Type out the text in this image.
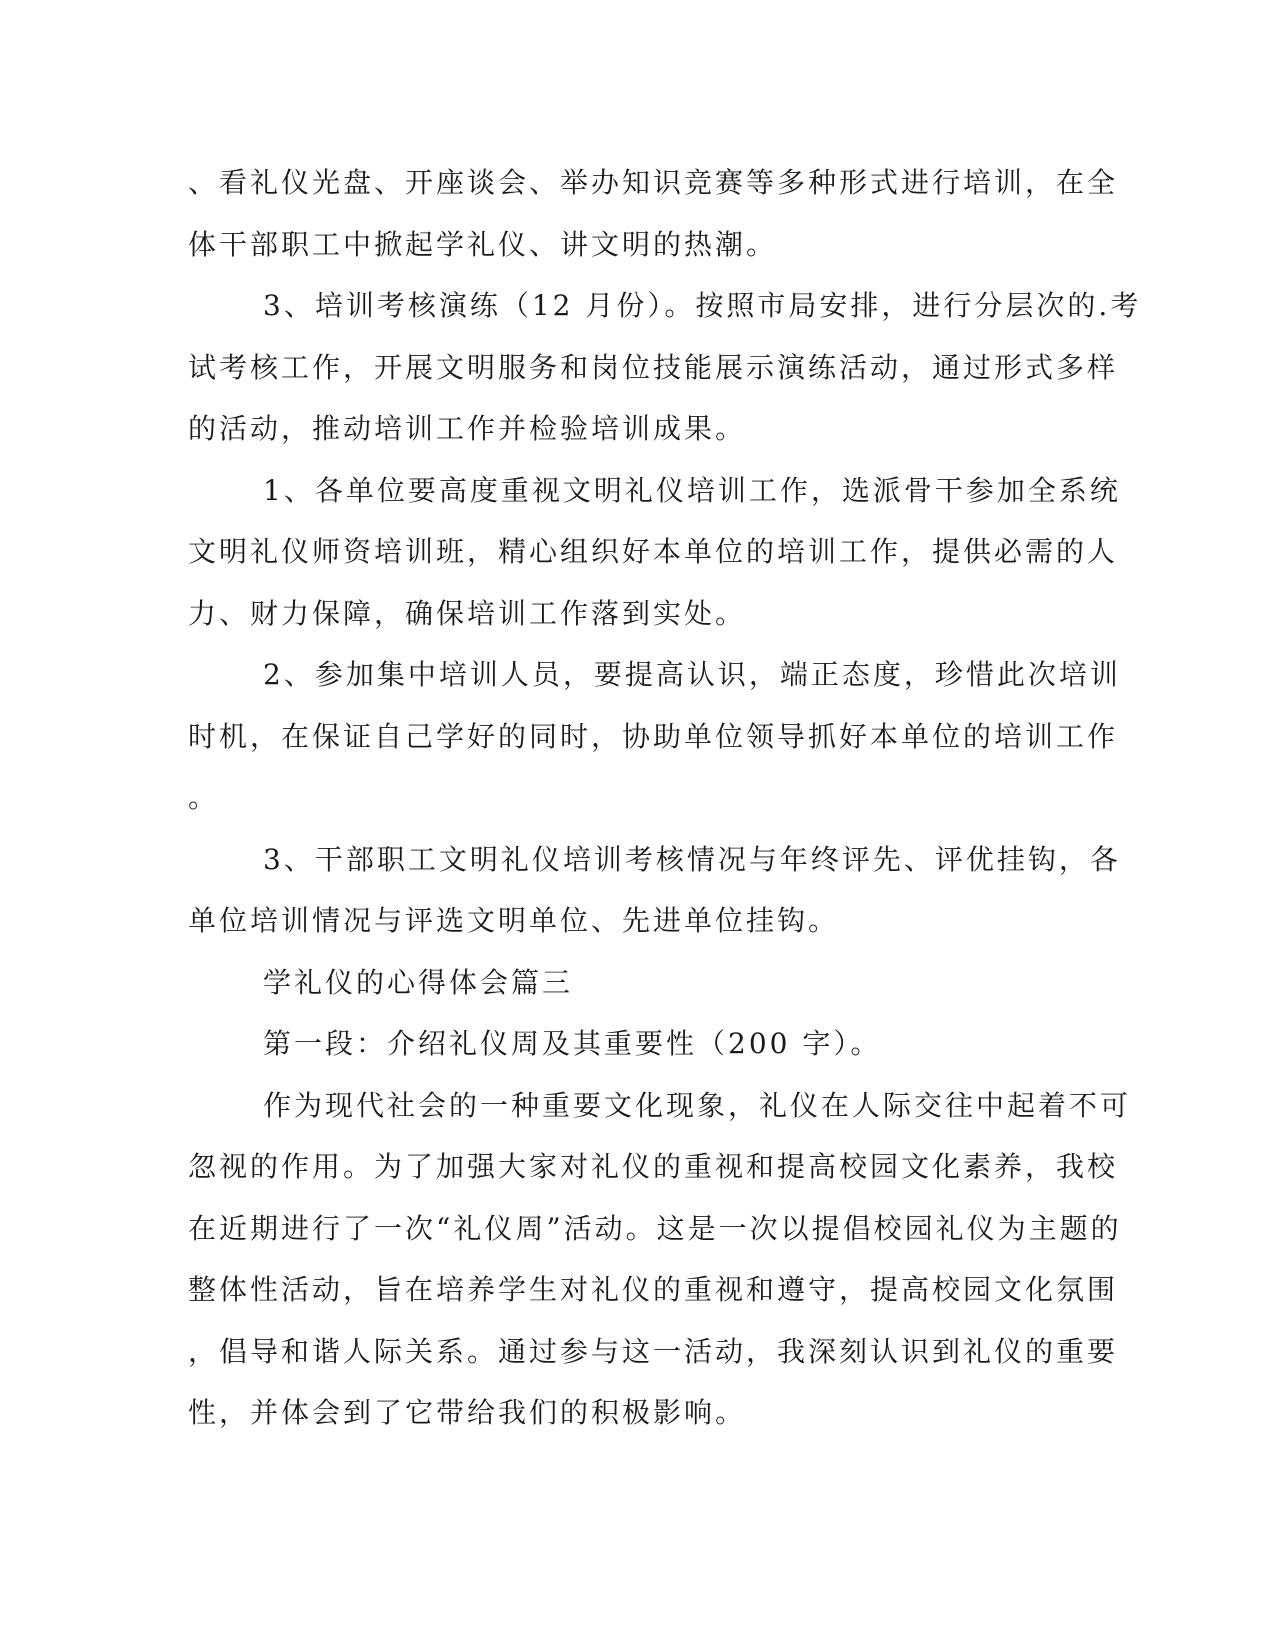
、看礼仪光盘、开座谈会、举办知识竞赛等多种形式进行培训，在全
体干部职工中掀起学礼仪、讲文明的热潮。
3、培训考核演练（12 月份）。按照市局安排，进行分层次的.考
试考核工作，开展文明服务和岗位技能展示演练活动，通过形式多样
的活动，推动培训工作并检验培训成果。
1、各单位要高度重视文明礼仪培训工作，选派骨干参加全系统
文明礼仪师资培训班，精心组织好本单位的培训工作，提供必需的人
力、财力保障，确保培训工作落到实处。
2、参加集中培训人员，要提高认识，端正态度，珍惜此次培训
时机，在保证自己学好的同时，协助单位领导抓好本单位的培训工作
。
3、干部职工文明礼仪培训考核情况与年终评先、评优挂钩，各
单位培训情况与评选文明单位、先进单位挂钩。
学礼仪的心得体会篇三
第一段：介绍礼仪周及其重要性（200 字）。
作为现代社会的一种重要文化现象，礼仪在人际交往中起着不可
忽视的作用。为了加强大家对礼仪的重视和提高校园文化素养，我校
在近期进行了一次“礼仪周”活动。这是一次以提倡校园礼仪为主题的
整体性活动，旨在培养学生对礼仪的重视和遵守，提高校园文化氛围
，倡导和谐人际关系。通过参与这一活动，我深刻认识到礼仪的重要
性，并体会到了它带给我们的积极影响。
